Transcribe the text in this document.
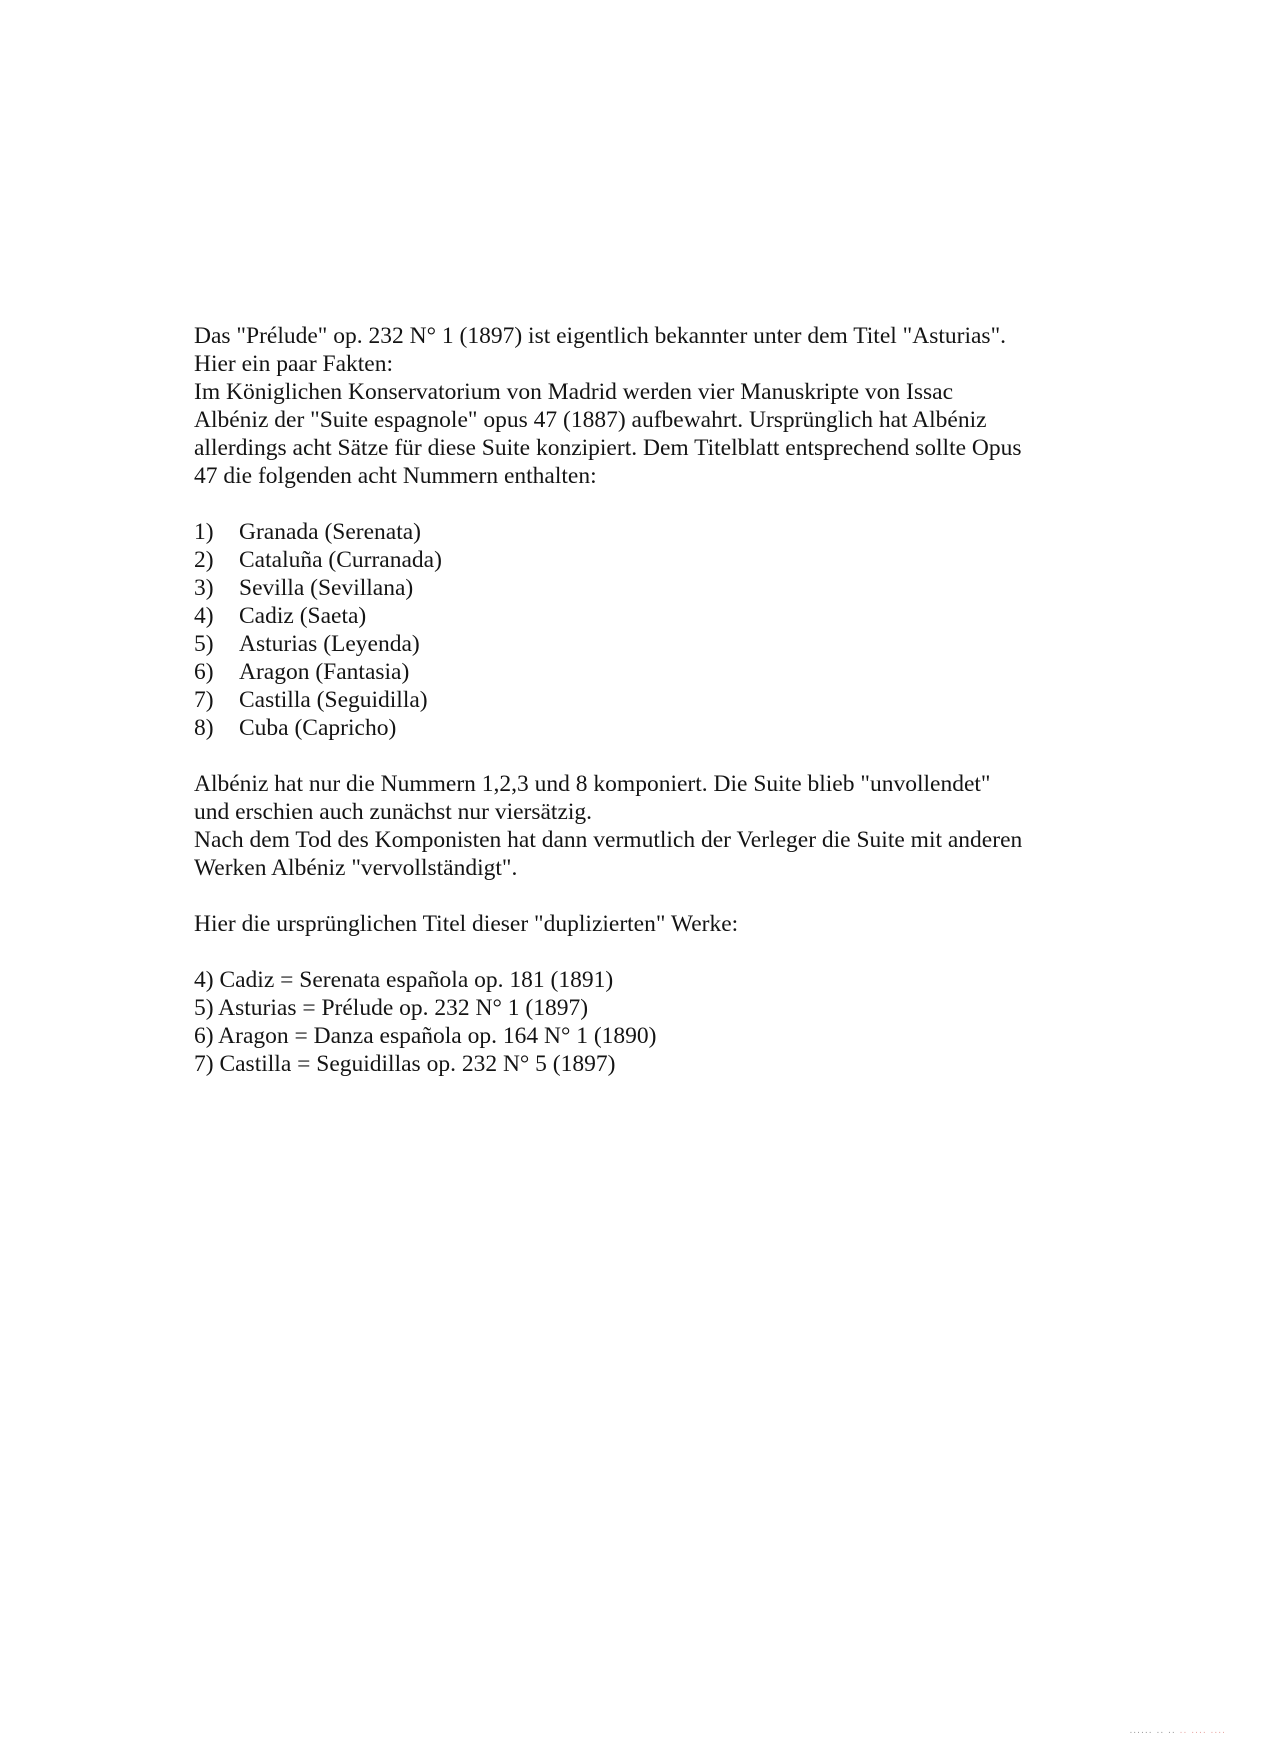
Das "Prélude" op. 232 N° 1 (1897) ist eigentlich bekannter unter dem Titel "Asturias".

Hier ein paar Fakten:

Im Königlichen Konservatorium von Madrid werden vier Manuskripte von Issac

Albéniz der "Suite espagnole" opus 47 (1887) aufbewahrt. Ursprünglich hat Albéniz

allerdings acht Sätze für diese Suite konzipiert. Dem Titelblatt entsprechend sollte Opus

47 die folgenden acht Nummern enthalten:

1) Granada (Serenata)

2) Cataluña (Curranada)

3) Sevilla (Sevillana)

4) Cadiz (Saeta)

5) Asturias (Leyenda)

6) Aragon (Fantasia)

7) Castilla (Seguidilla)

8) Cuba (Capricho)

Albéniz hat nur die Nummern 1,2,3 und 8 komponiert. Die Suite blieb "unvollendet"

und erschien auch zunächst nur viersätzig.

Nach dem Tod des Komponisten hat dann vermutlich der Verleger die Suite mit anderen

Werken Albéniz "vervollständigt".

Hier die ursprünglichen Titel dieser "duplizierten" Werke:

4) Cadiz = Serenata española op. 181 (1891)

5) Asturias = Prélude op. 232 N° 1 (1897)

6) Aragon = Danza española op. 164 N° 1 (1890)

7) Castilla = Seguidillas op. 232 N° 5 (1897)

...... .. .. .. .... ....
